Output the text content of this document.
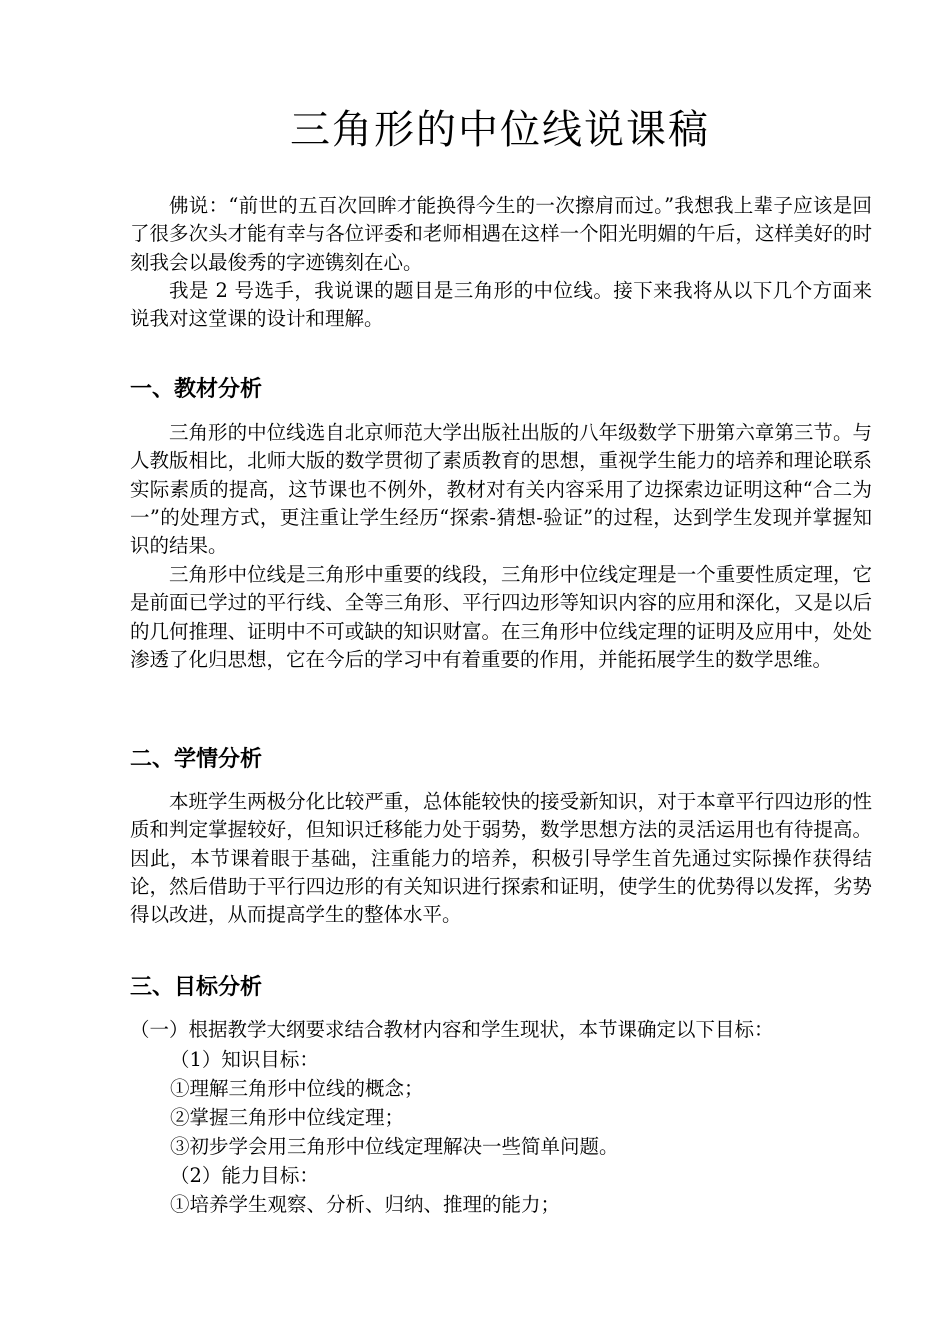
三角形的中位线说课稿

佛说：“前世的五百次回眸才能换得今生的一次擦肩而过。”我想我上辈子应该是回了很多次头才能有幸与各位评委和老师相遇在这样一个阳光明媚的午后，这样美好的时刻我会以最俊秀的字迹镌刻在心。

我是 2 号选手，我说课的题目是三角形的中位线。接下来我将从以下几个方面来说我对这堂课的设计和理解。

一、教材分析

三角形的中位线选自北京师范大学出版社出版的八年级数学下册第六章第三节。与人教版相比，北师大版的数学贯彻了素质教育的思想，重视学生能力的培养和理论联系实际素质的提高，这节课也不例外，教材对有关内容采用了边探索边证明这种“合二为一”的处理方式，更注重让学生经历“探索-猜想-验证”的过程，达到学生发现并掌握知识的结果。

三角形中位线是三角形中重要的线段，三角形中位线定理是一个重要性质定理，它是前面已学过的平行线、全等三角形、平行四边形等知识内容的应用和深化，又是以后的几何推理、证明中不可或缺的知识财富。在三角形中位线定理的证明及应用中，处处渗透了化归思想，它在今后的学习中有着重要的作用，并能拓展学生的数学思维。

二、学情分析

本班学生两极分化比较严重，总体能较快的接受新知识，对于本章平行四边形的性质和判定掌握较好，但知识迁移能力处于弱势，数学思想方法的灵活运用也有待提高。因此，本节课着眼于基础，注重能力的培养，积极引导学生首先通过实际操作获得结论，然后借助于平行四边形的有关知识进行探索和证明，使学生的优势得以发挥，劣势得以改进，从而提高学生的整体水平。

三、目标分析

（一）根据教学大纲要求结合教材内容和学生现状，本节课确定以下目标：

（1）知识目标：

①理解三角形中位线的概念；

②掌握三角形中位线定理；

③初步学会用三角形中位线定理解决一些简单问题。

（2）能力目标：

①培养学生观察、分析、归纳、推理的能力；
